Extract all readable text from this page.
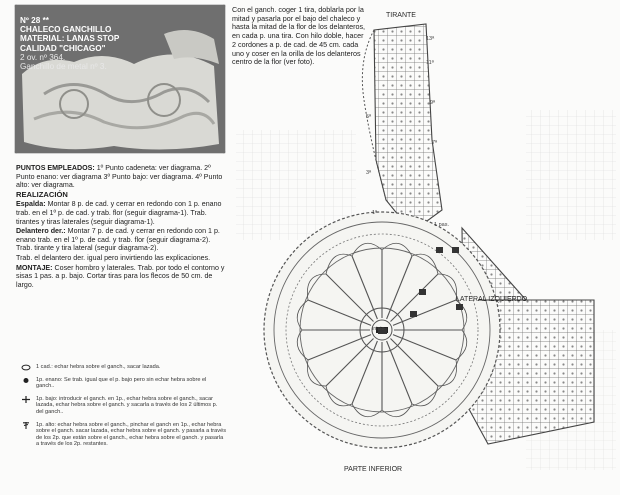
Nº 28 **
CHALECO GANCHILLO
MATERIAL: LANAS STOP
CALIDAD "CHICAGO"
2 ov. nº 364.
Ganchillo de metal nº 3.

PUNTOS EMPLEADOS: 1º Punto cadeneta: ver diagrama. 2º Punto enano: ver diagrama 3º Punto bajo: ver diagrama. 4º Punto alto: ver diagrama.

REALIZACIÓN

Espalda: Montar 8 p. de cad. y cerrar en redondo con 1 p. enano trab. en el 1º p. de cad. y trab. flor (seguir diagrama-1). Trab. tirantes y tiras laterales (seguir diagrama-1).

Delantero der.: Montar 7 p. de cad. y cerrar en redondo con 1 p. enano trab. en el 1º p. de cad. y trab. flor (seguir diagrama-2). Trab. tirante y tira lateral (seguir diagrama-2).

Trab. el delantero der. igual pero invirtiendo las explicaciones.

MONTAJE: Coser hombro y laterales. Trab. por todo el contorno y sisas 1 pas. a p. bajo. Cortar tiras para los flecos de 50 cm. de largo.

1 cad.: echar hebra sobre el ganch., sacar lazada.
1p. enano: Se trab. igual que el p. bajo pero sin echar hebra sobre el ganch..
1p. bajo: introducir el ganch. en 1p., echar hebra sobre el ganch., sacar lazada, echar hebra sobre el ganch. y sacarla a través de los 2 últimos p. del ganch..
1p. alto: echar hebra sobre el ganch., pinchar el ganch en 1p., echar hebra sobre el ganch. sacar lazada, echar hebra sobre el ganch. y pasarla a través de los 2p. que están sobre el ganch., echar hebra sobre el ganch. y pasarla a través de los 2p. restantes.
TIRANTE
LATERAL IZQUIERDO
PARTE INFERIOR
1 pas.
inicio
13ª
11ª
9ª
7ª
5ª
3ª
1ª
Con el ganch. coger 1 tira, doblarla por la mitad y pasarla por el bajo del chaleco y hasta la mitad de la flor de los delanteros, en cada p. una tira. Con hilo doble, hacer 2 cordones a p. de cad. de 45 cm. cada uno y coser en la orilla de los delanteros centro de la flor (ver foto).
